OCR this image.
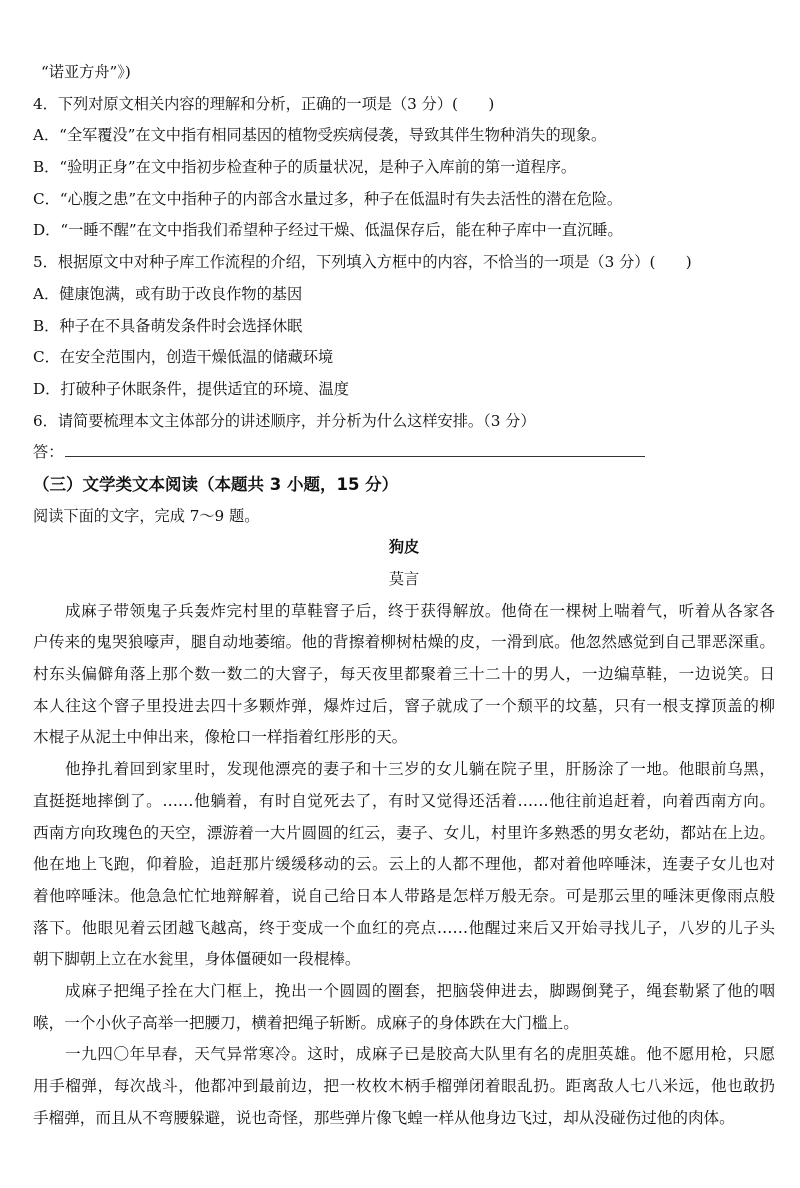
“诺亚方舟”》)
4．下列对原文相关内容的理解和分析，正确的一项是（3 分）(　　)
A．“全军覆没”在文中指有相同基因的植物受疾病侵袭，导致其伴生物种消失的现象。
B．“验明正身”在文中指初步检查种子的质量状况，是种子入库前的第一道程序。
C．“心腹之患”在文中指种子的内部含水量过多，种子在低温时有失去活性的潜在危险。
D．“一睡不醒”在文中指我们希望种子经过干燥、低温保存后，能在种子库中一直沉睡。
5．根据原文中对种子库工作流程的介绍，下列填入方框中的内容，不恰当的一项是（3 分）(　　)
A．健康饱满，或有助于改良作物的基因
B．种子在不具备萌发条件时会选择休眠
C．在安全范围内，创造干燥低温的储藏环境
D．打破种子休眠条件，提供适宜的环境、温度
6．请简要梳理本文主体部分的讲述顺序，并分析为什么这样安排。（3 分）
答：
（三）文学类文本阅读（本题共 3 小题，15 分）
阅读下面的文字，完成 7～9 题。
狗皮
莫言
成麻子带领鬼子兵轰炸完村里的草鞋窨子后，终于获得解放。他倚在一棵树上喘着气，听着从各家各
户传来的鬼哭狼嚎声，腿自动地萎缩。他的背擦着柳树枯燥的皮，一滑到底。他忽然感觉到自己罪恶深重。
村东头偏僻角落上那个数一数二的大窨子，每天夜里都聚着三十二十的男人，一边编草鞋，一边说笑。日
本人往这个窨子里投进去四十多颗炸弹，爆炸过后，窨子就成了一个颓平的坟墓，只有一根支撑顶盖的柳
木棍子从泥土中伸出来，像枪口一样指着红彤彤的天。
他挣扎着回到家里时，发现他漂亮的妻子和十三岁的女儿躺在院子里，肝肠涂了一地。他眼前乌黑，
直挺挺地摔倒了。……他躺着，有时自觉死去了，有时又觉得还活着……他往前追赶着，向着西南方向。
西南方向玫瑰色的天空，漂游着一大片圆圆的红云，妻子、女儿，村里许多熟悉的男女老幼，都站在上边。
他在地上飞跑，仰着脸，追赶那片缓缓移动的云。云上的人都不理他，都对着他啐唾沫，连妻子女儿也对
着他啐唾沫。他急急忙忙地辩解着，说自己给日本人带路是怎样万般无奈。可是那云里的唾沫更像雨点般
落下。他眼见着云团越飞越高，终于变成一个血红的亮点……他醒过来后又开始寻找儿子，八岁的儿子头
朝下脚朝上立在水瓮里，身体僵硬如一段棍棒。
成麻子把绳子拴在大门框上，挽出一个圆圆的圈套，把脑袋伸进去，脚踢倒凳子，绳套勒紧了他的咽
喉，一个小伙子高举一把腰刀，横着把绳子斩断。成麻子的身体跌在大门槛上。
一九四〇年早春，天气异常寒冷。这时，成麻子已是胶高大队里有名的虎胆英雄。他不愿用枪，只愿
用手榴弹，每次战斗，他都冲到最前边，把一枚枚木柄手榴弹闭着眼乱扔。距离敌人七八米远，他也敢扔
手榴弹，而且从不弯腰躲避，说也奇怪，那些弹片像飞蝗一样从他身边飞过，却从没碰伤过他的肉体。
